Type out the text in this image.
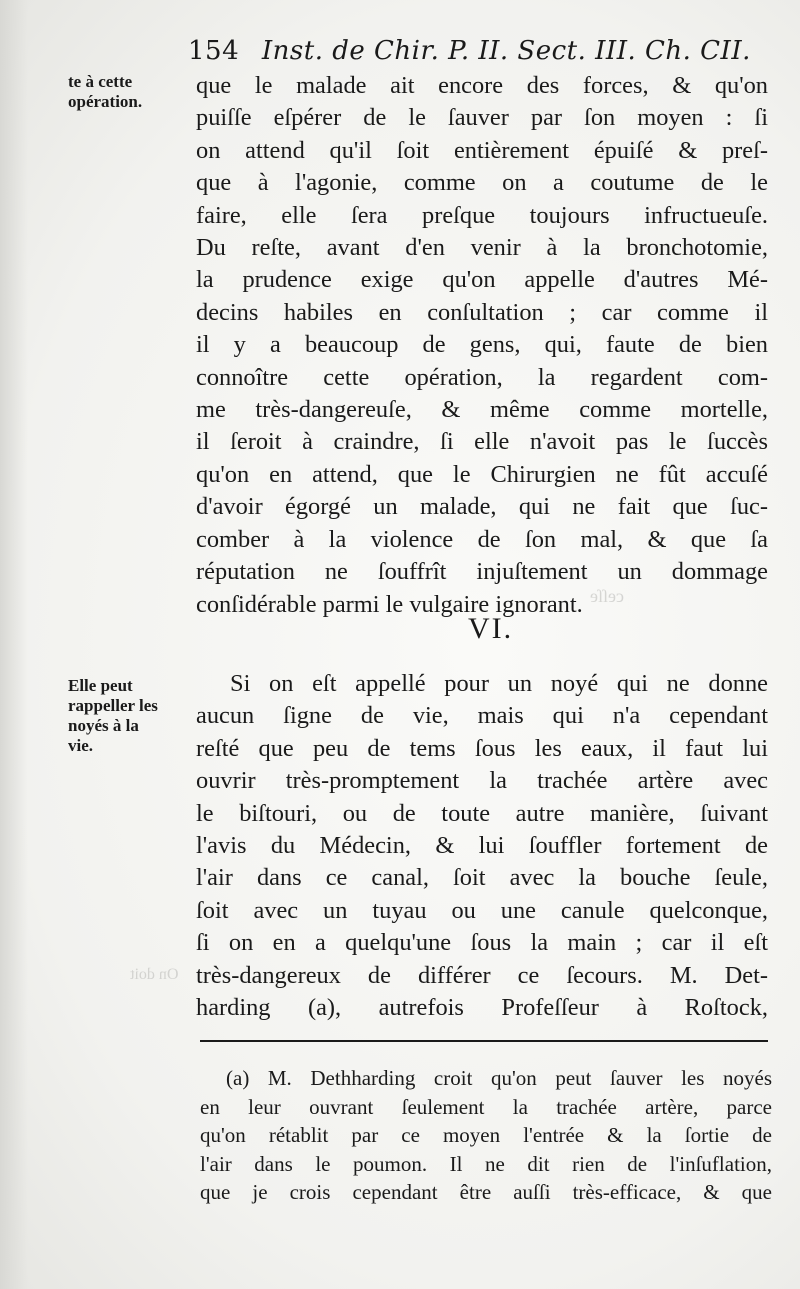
ceſſe
On doit
154 Inst. de Chir. P. II. Sect. III. Ch. CII.
te à cette
opération.
Elle peut
rappeller les
noyés à la
vie.
que le malade ait encore des forces, & qu'on
puiſſe eſpérer de le ſauver par ſon moyen : ſi
on attend qu'il ſoit entièrement épuiſé & preſ-
que à l'agonie, comme on a coutume de le
faire, elle ſera preſque toujours infructueuſe.
Du reſte, avant d'en venir à la bronchotomie,
la prudence exige qu'on appelle d'autres Mé-
decins habiles en conſultation ; car comme il
il y a beaucoup de gens, qui, faute de bien
connoître cette opération, la regardent com-
me très-dangereuſe, & même comme mortelle,
il ſeroit à craindre, ſi elle n'avoit pas le ſuccès
qu'on en attend, que le Chirurgien ne fût accuſé
d'avoir égorgé un malade, qui ne fait que ſuc-
comber à la violence de ſon mal, & que ſa
réputation ne ſouffrît injuſtement un dommage
conſidérable parmi le vulgaire ignorant.
VI.
Si on eſt appellé pour un noyé qui ne donne
aucun ſigne de vie, mais qui n'a cependant
reſté que peu de tems ſous les eaux, il faut lui
ouvrir très-promptement la trachée artère avec
le biſtouri, ou de toute autre manière, ſuivant
l'avis du Médecin, & lui ſouffler fortement de
l'air dans ce canal, ſoit avec la bouche ſeule,
ſoit avec un tuyau ou une canule quelconque,
ſi on en a quelqu'une ſous la main ; car il eſt
très-dangereux de différer ce ſecours. M. Det-
harding (a), autrefois Profeſſeur à Roſtock,
(a) M. Dethharding croit qu'on peut ſauver les noyés
en leur ouvrant ſeulement la trachée artère, parce
qu'on rétablit par ce moyen l'entrée & la ſortie de
l'air dans le poumon. Il ne dit rien de l'inſuflation,
que je crois cependant être auſſi très-efficace, & que
